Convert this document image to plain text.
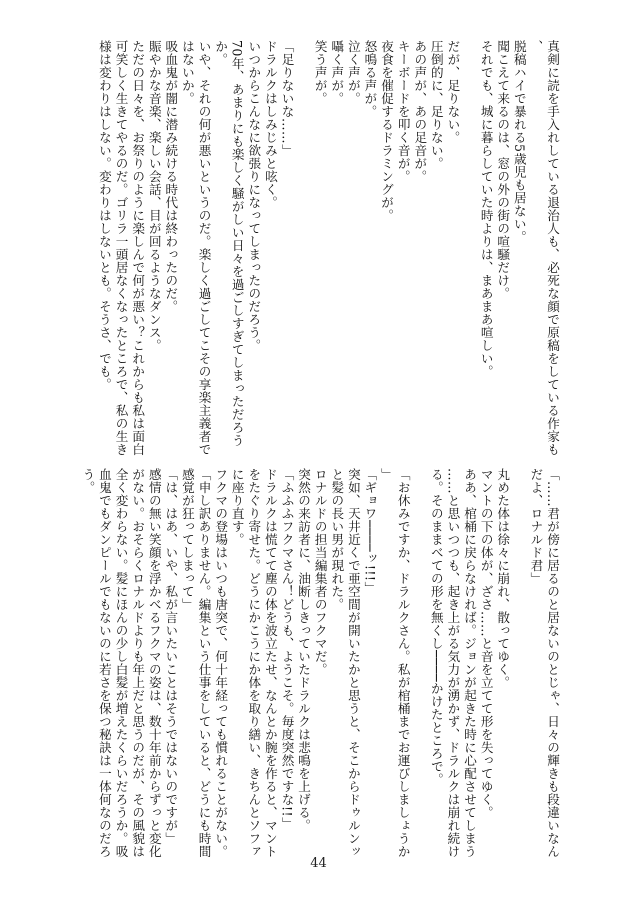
真剣に読を手入れしている退治人も、必死な顔で原稿をしている作家も
、
脱稿ハイで暴れる5歳児も居ない。
聞こえて来るのは、窓の外の街の喧騒だけ。
それでも、城に暮らしていた時よりは、まあまあ喧しい。

だが、足りない。
圧倒的に、足りない。
あの声が、あの足音が。
キーボードを叩く音が。
夜食を催促するドラミングが。
怒鳴る声が。
泣く声が。
囁く声が。
笑う声が。

「足りないな……」
ドラルクはしみじみと呟く。
いつからこんなに欲張りになってしまったのだろう。
70年、あまりにも楽しく騒がしい日々を過ごしすぎてしまっただろう
か。
いや、それの何が悪いというのだ。楽しく過ごしてこその享楽主義者で
はないか。
吸血鬼が闇に潜み続ける時代は終わったのだ。
賑やかな音楽、楽しい会話、目が回るようなダンス。
ただの日々を、お祭りのように楽しんで何が悪い？これからも私は面白
可笑しく生きてやるのだ。ゴリラ一頭居なくなったところで、私の生き
様は変わりはしない。変わりはしないとも。そうさ、でも。
「……君が傍に居るのと居ないのとじゃ、日々の輝きも段違いなん
だよ、ロナルド君」

丸めた体は徐々に崩れ、散ってゆく。
マントの下の体が、ざさ……と音を立てて形を失ってゆく。
ああ、棺桶に戻らなければ。ジョンが起きた時に心配させてしまう
……と思いつつも、起き上がる気力が湧かず、ドラルクは崩れ続け
る。そのままべての形を無くし────かけたところで。

「お休みですか、ドラルクさん。私が棺桶までお運びしましょうか
」
「ギョワ────ッ!!!」
突如、天井近くで亜空間が開いたかと思うと、そこからドゥルンッ
と髪の長い男が現れた。
ロナルドの担当編集者のフクマだ。
突然の来訪者に、油断しきっていたドラルクは悲鳴を上げる。
「ふふふフクマさん！どうも、ようこそ。毎度突然ですな!!」
ドラルクは慌てて塵の体を波立たせ、なんとか腕を作ると、マント
をたぐり寄せた。どうにかこうにか体を取り繕い、きちんとソファ
に座り直す。
フクマの登場はいつも唐突で、何十年経っても慣れることがない。
「申し訳ありません。編集という仕事をしていると、どうにも時間
感覚が狂ってしまって」
「は、はあ、いや、私が言いたいことはそうではないのですが」
感情の無い笑顔を浮かべるフクマの姿は、数十年前からずっと変化
がない。おそらくロナルドよりも年上だと思うのだが、その風貌は
全く変わらない。髪にほんの少し白髪が増えたくらいだろうか。吸
血鬼でもダンピールでもないのに若さを保つ秘訣は一体何なのだろ
う。
44
